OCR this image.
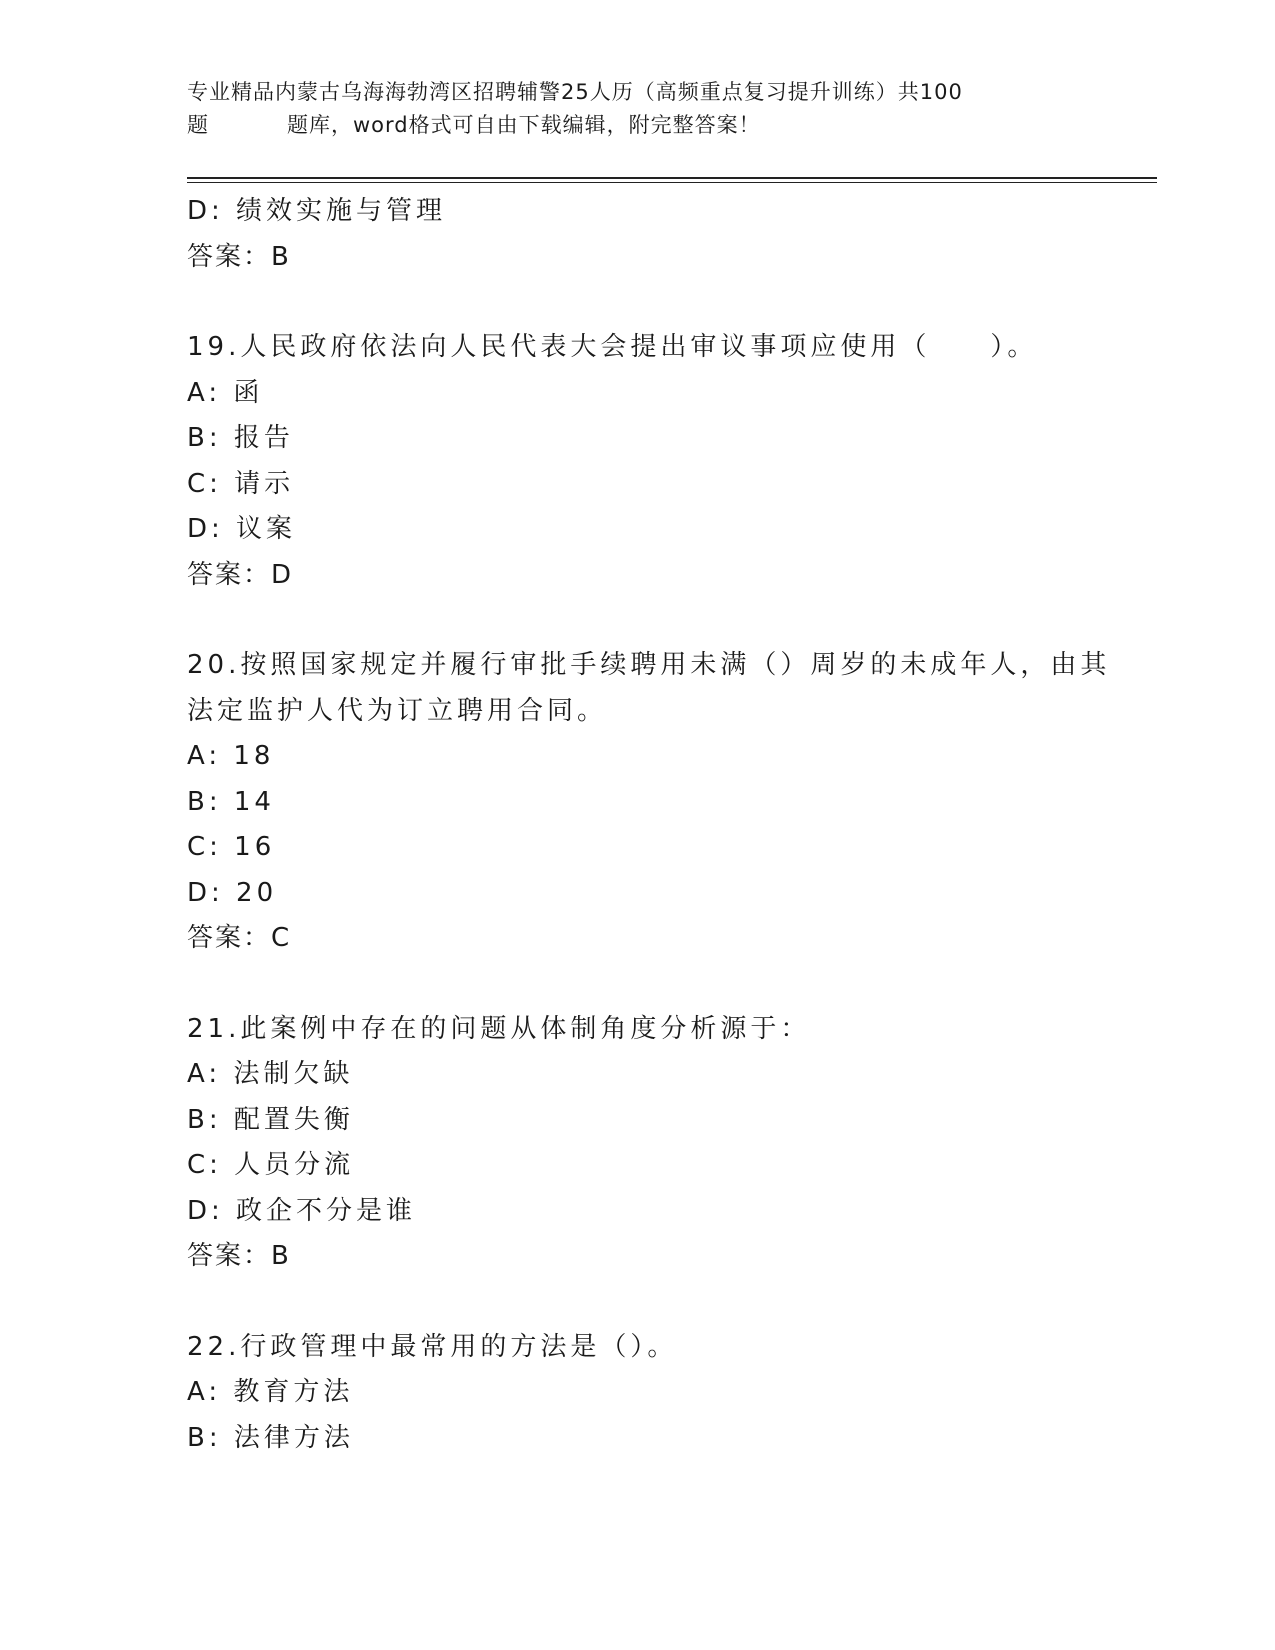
专业精品内蒙古乌海海勃湾区招聘辅警25人历（高频重点复习提升训练）共100
题	题库，word格式可自由下载编辑，附完整答案！
D: 绩效实施与管理
答案：B
19.人民政府依法向人民代表大会提出审议事项应使用（　　）。
A: 函
B: 报告
C: 请示
D: 议案
答案：D
20.按照国家规定并履行审批手续聘用未满（）周岁的未成年人，由其
法定监护人代为订立聘用合同。
A: 18
B: 14
C: 16
D: 20
答案：C
21.此案例中存在的问题从体制角度分析源于：
A: 法制欠缺
B: 配置失衡
C: 人员分流
D: 政企不分是谁
答案：B
22.行政管理中最常用的方法是（）。
A: 教育方法
B: 法律方法
